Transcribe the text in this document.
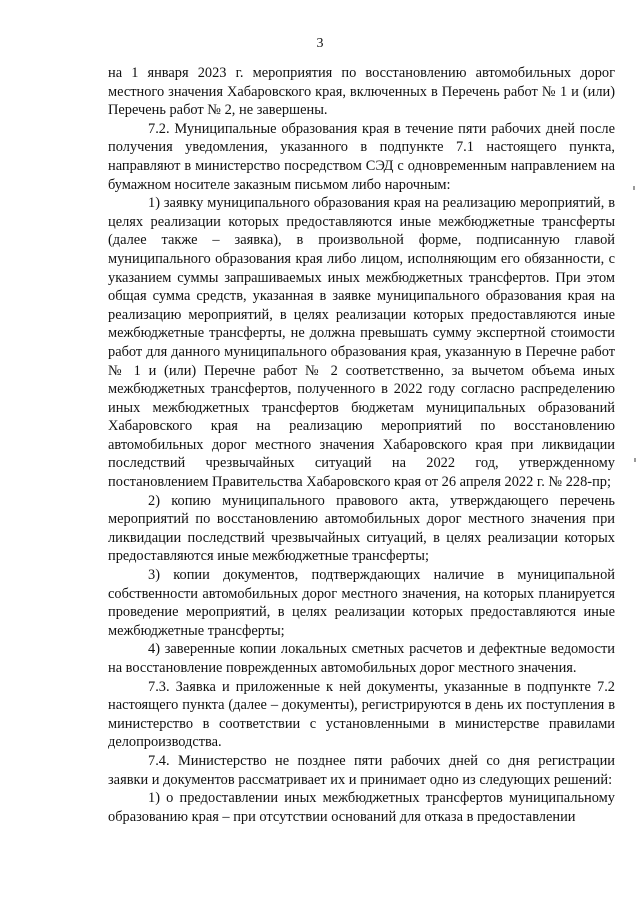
3

на 1 января 2023 г. мероприятия по восстановлению автомобильных дорог местного значения Хабаровского края, включенных в Перечень работ № 1 и (или) Перечень работ № 2, не завершены.

7.2. Муниципальные образования края в течение пяти рабочих дней после получения уведомления, указанного в подпункте 7.1 настоящего пункта, направляют в министерство посредством СЭД с одновременным направлением на бумажном носителе заказным письмом либо нарочным:

1) заявку муниципального образования края на реализацию мероприятий, в целях реализации которых предоставляются иные межбюджетные трансферты (далее также – заявка), в произвольной форме, подписанную главой муниципального образования края либо лицом, исполняющим его обязанности, с указанием суммы запрашиваемых иных межбюджетных трансфертов. При этом общая сумма средств, указанная в заявке муниципального образования края на реализацию мероприятий, в целях реализации которых предоставляются иные межбюджетные трансферты, не должна превышать сумму экспертной стоимости работ для данного муниципального образования края, указанную в Перечне работ № 1 и (или) Перечне работ № 2 соответственно, за вычетом объема иных межбюджетных трансфертов, полученного в 2022 году согласно распределению иных межбюджетных трансфертов бюджетам муниципальных образований Хабаровского края на реализацию мероприятий по восстановлению автомобильных дорог местного значения Хабаровского края при ликвидации последствий чрезвычайных ситуаций на 2022 год, утвержденному постановлением Правительства Хабаровского края от 26 апреля 2022 г. № 228-пр;

2) копию муниципального правового акта, утверждающего перечень мероприятий по восстановлению автомобильных дорог местного значения при ликвидации последствий чрезвычайных ситуаций, в целях реализации которых предоставляются иные межбюджетные трансферты;

3) копии документов, подтверждающих наличие в муниципальной собственности автомобильных дорог местного значения, на которых планируется проведение мероприятий, в целях реализации которых предоставляются иные межбюджетные трансферты;

4) заверенные копии локальных сметных расчетов и дефектные ведомости на восстановление поврежденных автомобильных дорог местного значения.

7.3. Заявка и приложенные к ней документы, указанные в подпункте 7.2 настоящего пункта (далее – документы), регистрируются в день их поступления в министерство в соответствии с установленными в министерстве правилами делопроизводства.

7.4. Министерство не позднее пяти рабочих дней со дня регистрации заявки и документов рассматривает их и принимает одно из следующих решений:

1) о предоставлении иных межбюджетных трансфертов муниципальному образованию края – при отсутствии оснований для отказа в предоставлении
